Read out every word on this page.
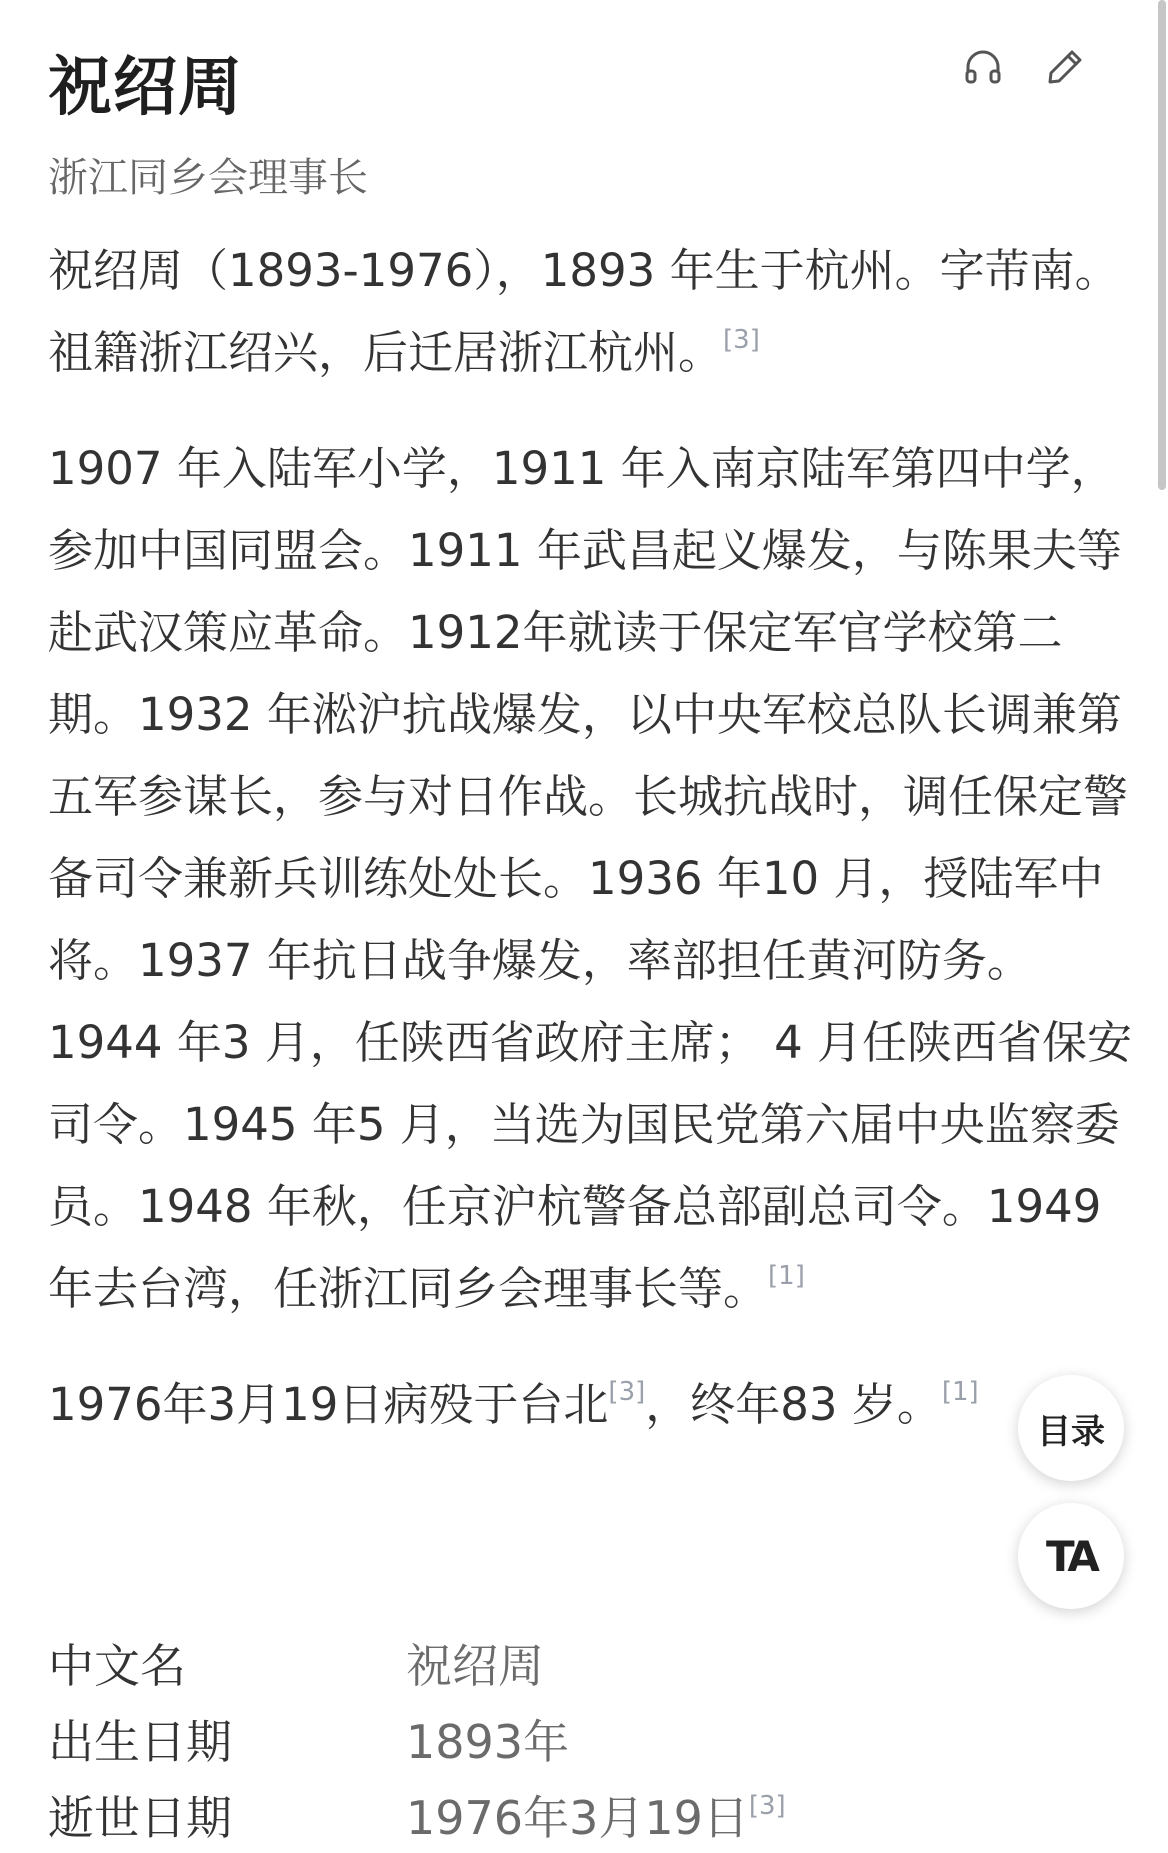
祝绍周
浙江同乡会理事长

祝绍周（1893-1976），1893 年生于杭州。字芾南。祖籍浙江绍兴，后迁居浙江杭州。[3]

1907 年入陆军小学，1911 年入南京陆军第四中学，参加中国同盟会。1911 年武昌起义爆发，与陈果夫等赴武汉策应革命。1912年就读于保定军官学校第二期。1932 年淞沪抗战爆发，以中央军校总队长调兼第五军参谋长，参与对日作战。长城抗战时，调任保定警备司令兼新兵训练处处长。1936 年10 月，授陆军中将。1937 年抗日战争爆发，率部担任黄河防务。1944 年3 月，任陕西省政府主席； 4 月任陕西省保安司令。1945 年5 月，当选为国民党第六届中央监察委员。1948 年秋，任京沪杭警备总部副总司令。1949 年去台湾，任浙江同乡会理事长等。[1]

1976年3月19日病殁于台北[3]，终年83 岁。[1]

中文名	祝绍周
出生日期	1893年
逝世日期	1976年3月19日[3]
目录
TA
